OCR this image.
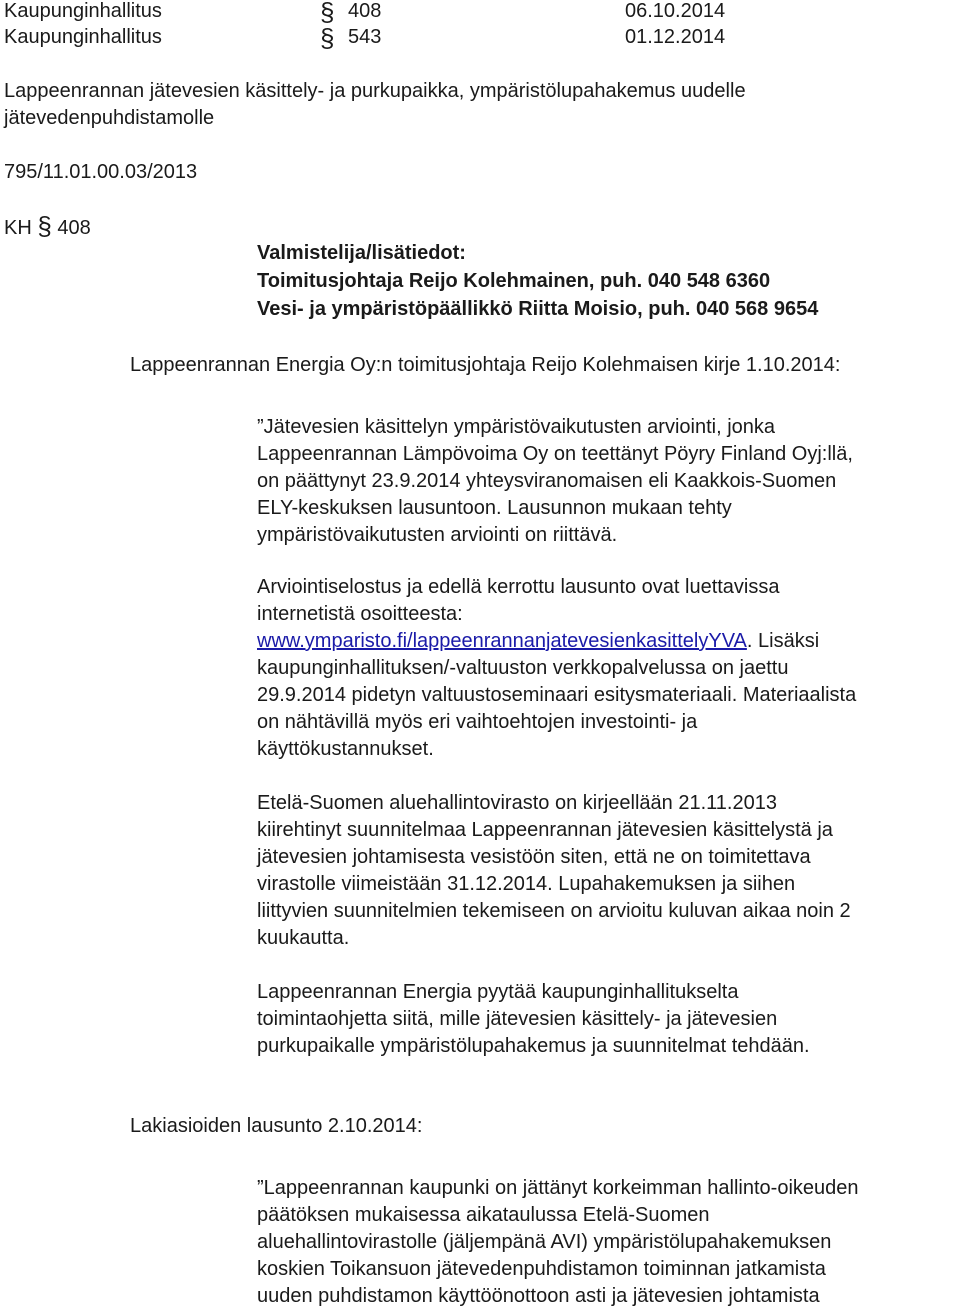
Kaupunginhallitus	§ 408	06.10.2014
Kaupunginhallitus	§ 543	01.12.2014
Lappeenrannan jätevesien käsittely- ja purkupaikka, ympäristölupahakemus uudelle
jätevedenpuhdistamolle
795/11.01.00.03/2013
KH § 408
Valmistelija/lisätiedot:
Toimitusjohtaja Reijo Kolehmainen, puh. 040 548 6360
Vesi- ja ympäristöpäällikkö Riitta Moisio, puh. 040 568 9654
Lappeenrannan Energia Oy:n toimitusjohtaja Reijo Kolehmaisen kirje 1.10.2014:
”Jätevesien käsittelyn ympäristövaikutusten arviointi, jonka
Lappeenrannan Lämpövoima Oy on teettänyt Pöyry Finland Oyj:llä,
on päättynyt 23.9.2014 yhteysviranomaisen eli Kaakkois-Suomen
ELY-keskuksen lausuntoon. Lausunnon mukaan tehty
ympäristövaikutusten arviointi on riittävä.
Arviointiselostus ja edellä kerrottu lausunto ovat luettavissa
internetistä osoitteesta:
www.ymparisto.fi/lappeenrannanjatevesienkasittelyYVA. Lisäksi
kaupunginhallituksen/-valtuuston verkkopalvelussa on jaettu
29.9.2014 pidetyn valtuustoseminaari esitysmateriaali. Materiaalista
on nähtävillä myös eri vaihtoehtojen investointi- ja
käyttökustannukset.
Etelä-Suomen aluehallintovirasto on kirjeellään 21.11.2013
kiirehtinyt suunnitelmaa Lappeenrannan jätevesien käsittelystä ja
jätevesien johtamisesta vesistöön siten, että ne on toimitettava
virastolle viimeistään 31.12.2014. Lupahakemuksen ja siihen
liittyvien suunnitelmien tekemiseen on arvioitu kuluvan aikaa noin 2
kuukautta.
Lappeenrannan Energia pyytää kaupunginhallitukselta
toimintaohjetta siitä, mille jätevesien käsittely- ja jätevesien
purkupaikalle ympäristölupahakemus ja suunnitelmat tehdään.
Lakiasioiden lausunto 2.10.2014:
”Lappeenrannan kaupunki on jättänyt korkeimman hallinto-oikeuden
päätöksen mukaisessa aikataulussa Etelä-Suomen
aluehallintovirastolle (jäljempänä AVI) ympäristölupahakemuksen
koskien Toikansuon jätevedenpuhdistamon toiminnan jatkamista
uuden puhdistamon käyttöönottoon asti ja jätevesien johtamista
